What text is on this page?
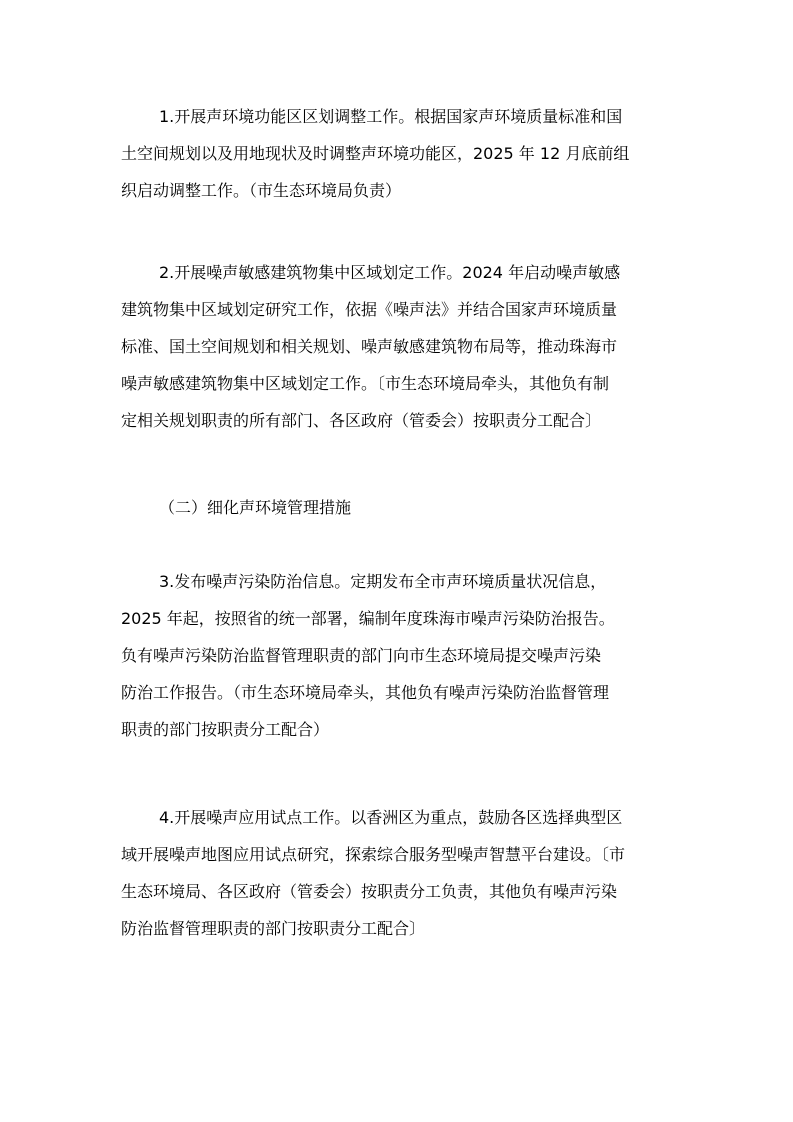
1.开展声环境功能区区划调整工作。根据国家声环境质量标准和国
土空间规划以及用地现状及时调整声环境功能区，2025 年 12 月底前组
织启动调整工作。（市生态环境局负责）
2.开展噪声敏感建筑物集中区域划定工作。2024 年启动噪声敏感
建筑物集中区域划定研究工作，依据《噪声法》并结合国家声环境质量
标准、国土空间规划和相关规划、噪声敏感建筑物布局等，推动珠海市
噪声敏感建筑物集中区域划定工作。〔市生态环境局牵头，其他负有制
定相关规划职责的所有部门、各区政府（管委会）按职责分工配合〕
（二）细化声环境管理措施
3.发布噪声污染防治信息。定期发布全市声环境质量状况信息，
2025 年起，按照省的统一部署，编制年度珠海市噪声污染防治报告。
负有噪声污染防治监督管理职责的部门向市生态环境局提交噪声污染
防治工作报告。（市生态环境局牵头，其他负有噪声污染防治监督管理
职责的部门按职责分工配合）
4.开展噪声应用试点工作。以香洲区为重点，鼓励各区选择典型区
域开展噪声地图应用试点研究，探索综合服务型噪声智慧平台建设。〔市
生态环境局、各区政府（管委会）按职责分工负责，其他负有噪声污染
防治监督管理职责的部门按职责分工配合〕
